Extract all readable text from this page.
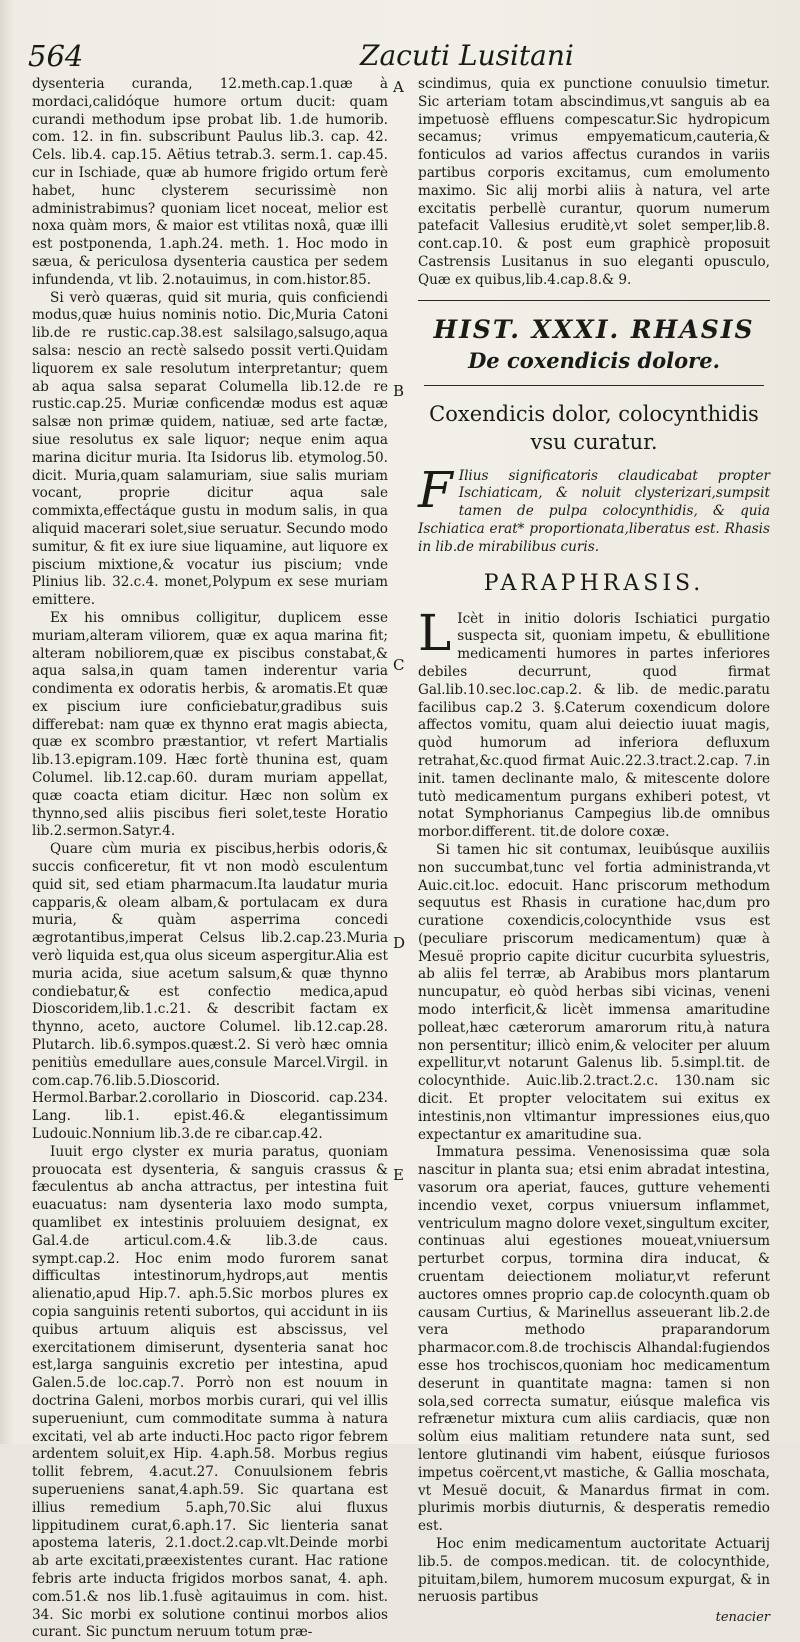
564	Zacuti Lusitani

dysenteria curanda, 12.meth.cap.1.quæ à mordaci,calidóque humore ortum ducit: quam curandi methodum ipse probat lib. 1.de humorib. com. 12. in fin. subscribunt Paulus lib.3. cap. 42. Cels. lib.4. cap.15. Aëtius tetrab.3. serm.1. cap.45. cur in Ischiade, quæ ab humore frigido ortum ferè habet, hunc clysterem securissimè non administrabimus? quoniam licet noceat, melior est noxa quàm mors, & maior est vtilitas noxâ, quæ illi est postponenda, 1.aph.24. meth. 1. Hoc modo in sæua, & periculosa dysenteria caustica per sedem infundenda, vt lib. 2.notauimus, in com.histor.85.

Si verò quæras, quid sit muria, quis conficiendi modus,quæ huius nominis notio. Dic,Muria Catoni lib.de re rustic.cap.38.est salsilago,salsugo,aqua salsa: nescio an rectè salsedo possit verti.Quidam liquorem ex sale resolutum interpretantur; quem ab aqua salsa separat Columella lib.12.de re rustic.cap.25. Muriæ conficendæ modus est aquæ salsæ non primæ quidem, natiuæ, sed arte factæ, siue resolutus ex sale liquor; neque enim aqua marina dicitur muria. Ita Isidorus lib. etymolog.50. dicit. Muria,quam salamuriam, siue salis muriam vocant, proprie dicitur aqua sale commixta,effectáque gustu in modum salis, in qua aliquid macerari solet,siue seruatur. Secundo modo sumitur, & fit ex iure siue liquamine, aut liquore ex piscium mixtione,& vocatur ius piscium; vnde Plinius lib. 32.c.4. monet,Polypum ex sese muriam emittere.

Ex his omnibus colligitur, duplicem esse muriam,alteram viliorem, quæ ex aqua marina fit; alteram nobiliorem,quæ ex piscibus constabat,& aqua salsa,in quam tamen inderentur varia condimenta ex odoratis herbis, & aromatis.Et quæ ex piscium iure conficiebatur,gradibus suis differebat: nam quæ ex thynno erat magis abiecta, quæ ex scombro præstantior, vt refert Martialis lib.13.epigram.109. Hæc fortè thunina est, quam Columel. lib.12.cap.60. duram muriam appellat, quæ coacta etiam dicitur. Hæc non solùm ex thynno,sed aliis piscibus fieri solet,teste Horatio lib.2.sermon.Satyr.4.

Quare cùm muria ex piscibus,herbis odoris,& succis conficeretur, fit vt non modò esculentum quid sit, sed etiam pharmacum.Ita laudatur muria capparis,& oleam albam,& portulacam ex dura muria, & quàm asperrima concedi ægrotantibus,imperat Celsus lib.2.cap.23.Muria verò liquida est,qua olus siceum aspergitur.Alia est muria acida, siue acetum salsum,& quæ thynno condiebatur,& est confectio medica,apud Dioscoridem,lib.1.c.21. & describit factam ex thynno, aceto, auctore Columel. lib.12.cap.28. Plutarch. lib.6.sympos.quæst.2. Si verò hæc omnia penitiùs emedullare aues,consule Marcel.Virgil. in com.cap.76.lib.5.Dioscorid. Hermol.Barbar.2.corollario in Dioscorid. cap.234. Lang. lib.1. epist.46.& elegantissimum Ludouic.Nonnium lib.3.de re cibar.cap.42.

Iuuit ergo clyster ex muria paratus, quoniam prouocata est dysenteria, & sanguis crassus & fæculentus ab ancha attractus, per intestina fuit euacuatus: nam dysenteria laxo modo sumpta, quamlibet ex intestinis proluuiem designat, ex Gal.4.de articul.com.4.& lib.3.de caus. sympt.cap.2. Hoc enim modo furorem sanat difficultas intestinorum,hydrops,aut mentis alienatio,apud Hip.7. aph.5.Sic morbos plures ex copia sanguinis retenti subortos, qui accidunt in iis quibus artuum aliquis est abscissus, vel exercitationem dimiserunt, dysenteria sanat hoc est,larga sanguinis excretio per intestina, apud Galen.5.de loc.cap.7. Porrò non est nouum in doctrina Galeni, morbos morbis curari, qui vel illis superueniunt, cum commoditate summa à natura excitati, vel ab arte inducti.Hoc pacto rigor febrem ardentem soluit,ex Hip. 4.aph.58. Morbus regius tollit febrem, 4.acut.27. Conuulsionem febris superueniens sanat,4.aph.59. Sic quartana est illius remedium 5.aph,70.Sic alui fluxus lippitudinem curat,6.aph.17. Sic lienteria sanat apostema lateris, 2.1.doct.2.cap.vlt.Deinde morbi ab arte excitati,præexistentes curant. Hac ratione febris arte inducta frigidos morbos sanat, 4. aph. com.51.& nos lib.1.fusè agitauimus in com. hist. 34. Sic morbi ex solutione continui morbos alios curant. Sic punctum neruum totum præ-

A
B
C
D
E

scindimus, quia ex punctione conuulsio timetur. Sic arteriam totam abscindimus,vt sanguis ab ea impetuosè effluens compescatur.Sic hydropicum secamus; vrimus empyematicum,cauteria,& fonticulos ad varios affectus curandos in variis partibus corporis excitamus, cum emolumento maximo. Sic alij morbi aliis à natura, vel arte excitatis perbellè curantur, quorum numerum patefacit Vallesius eruditè,vt solet semper,lib.8. cont.cap.10. & post eum graphicè proposuit Castrensis Lusitanus in suo eleganti opusculo, Quæ ex quibus,lib.4.cap.8.& 9.

HIST. XXXI. RHASIS
De coxendicis dolore.
Coxendicis dolor, colocynthidis
vsu curatur.

F Ilius significatoris claudicabat propter Ischiaticam, & noluit clysterizari,sumpsit tamen de pulpa colocynthidis, & quia Ischiatica erat* proportionata,liberatus est. Rhasis in lib.de mirabilibus curis.

PARAPHRASIS.

L Icèt in initio doloris Ischiatici purgatio suspecta sit, quoniam impetu, & ebullitione medicamenti humores in partes inferiores debiles decurrunt, quod firmat Gal.lib.10.sec.loc.cap.2. & lib. de medic.paratu facilibus cap.2 3. §.Caterum coxendicum dolore affectos vomitu, quam alui deiectio iuuat magis, quòd humorum ad inferiora defluxum retrahat,&c.quod firmat Auic.22.3.tract.2.cap. 7.in init. tamen declinante malo, & mitescente dolore tutò medicamentum purgans exhiberi potest, vt notat Symphorianus Campegius lib.de omnibus morbor.different. tit.de dolore coxæ.

Si tamen hic sit contumax, leuibúsque auxiliis non succumbat,tunc vel fortia administranda,vt Auic.cit.loc. edocuit. Hanc priscorum methodum sequutus est Rhasis in curatione hac,dum pro curatione coxendicis,colocynthide vsus est (peculiare priscorum medicamentum) quæ à Mesuë proprio capite dicitur cucurbita syluestris, ab aliis fel terræ, ab Arabibus mors plantarum nuncupatur, eò quòd herbas sibi vicinas, veneni modo interficit,& licèt immensa amaritudine polleat,hæc cæterorum amarorum ritu,à natura non persentitur; illicò enim,& velociter per aluum expellitur,vt notarunt Galenus lib. 5.simpl.tit. de colocynthide. Auic.lib.2.tract.2.c. 130.nam sic dicit. Et propter velocitatem sui exitus ex intestinis,non vltimantur impressiones eius,quo expectantur ex amaritudine sua.

Immatura pessima. Venenosissima quæ sola nascitur in planta sua; etsi enim abradat intestina, vasorum ora aperiat, fauces, gutture vehementi incendio vexet, corpus vniuersum inflammet, ventriculum magno dolore vexet,singultum exciter, continuas alui egestiones moueat,vniuersum perturbet corpus, tormina dira inducat, & cruentam deiectionem moliatur,vt referunt auctores omnes proprio cap.de colocynth.quam ob causam Curtius, & Marinellus asseuerant lib.2.de vera methodo praparandorum pharmacor.com.8.de trochiscis Alhandal:fugiendos esse hos trochiscos,quoniam hoc medicamentum deserunt in quantitate magna: tamen si non sola,sed correcta sumatur, eiúsque malefica vis refrænetur mixtura cum aliis cardiacis, quæ non solùm eius malitiam retundere nata sunt, sed lentore glutinandi vim habent, eiúsque furiosos impetus coërcent,vt mastiche, & Gallia moschata, vt Mesuë docuit, & Manardus firmat in com. plurimis morbis diuturnis, & desperatis remedio est.

Hoc enim medicamentum auctoritate Actuarij lib.5. de compos.medican. tit. de colocynthide, pituitam,bilem, humorem mucosum expurgat, & in neruosis partibus

tenacier
